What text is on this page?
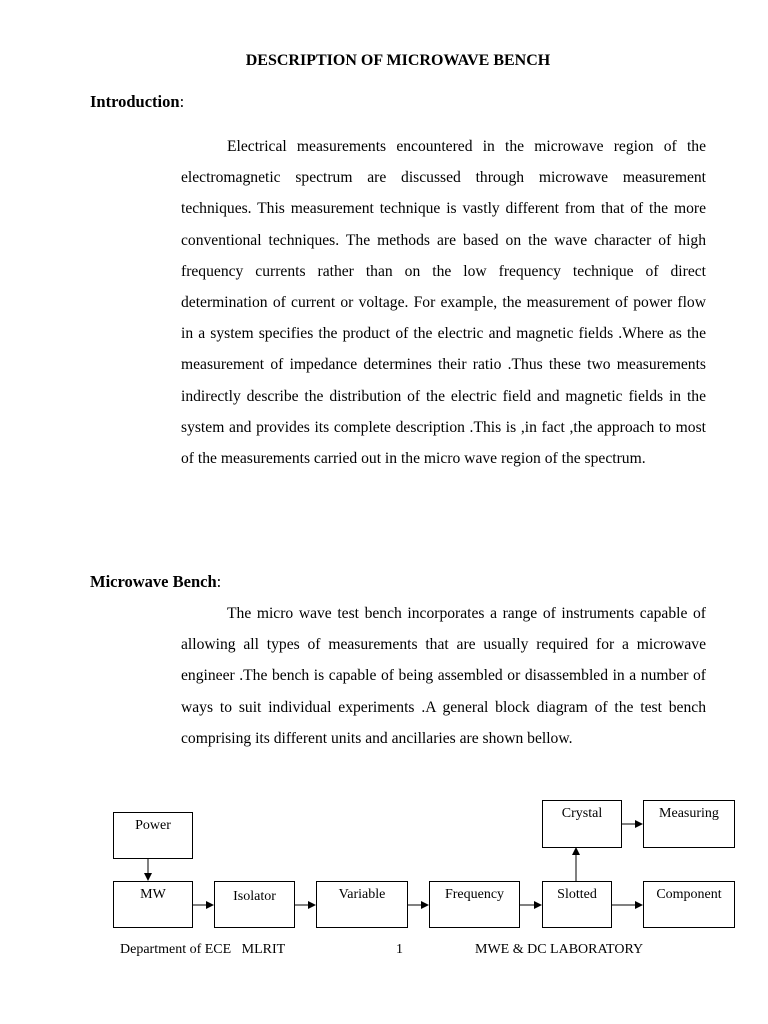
DESCRIPTION OF MICROWAVE BENCH
Introduction:

Electrical measurements encountered in the microwave region of the electromagnetic spectrum are discussed through microwave measurement techniques. This measurement technique is vastly different from that of the more conventional techniques. The methods are based on the wave character of high frequency currents rather than on the low frequency technique of direct determination of current or voltage. For example, the measurement of power flow in a system specifies the product of the electric and magnetic fields .Where as the measurement of impedance determines their ratio .Thus these two measurements indirectly describe the distribution of the electric field and magnetic fields in the system and provides its complete description .This is ,in fact ,the approach to most of the measurements carried out in the micro wave region of the spectrum.

Microwave Bench:

The micro wave test bench incorporates a range of instruments capable of allowing all types of measurements that are usually required for a microwave engineer .The bench is capable of being assembled or disassembled in a number of ways to suit individual experiments .A general block diagram of the test bench comprising its different units and ancillaries are shown bellow.

Power
MW	Isolator	Variable	Frequency	Slotted	Component
Crystal	Measuring
Department of ECE   MLRIT	1	MWE & DC LABORATORY
